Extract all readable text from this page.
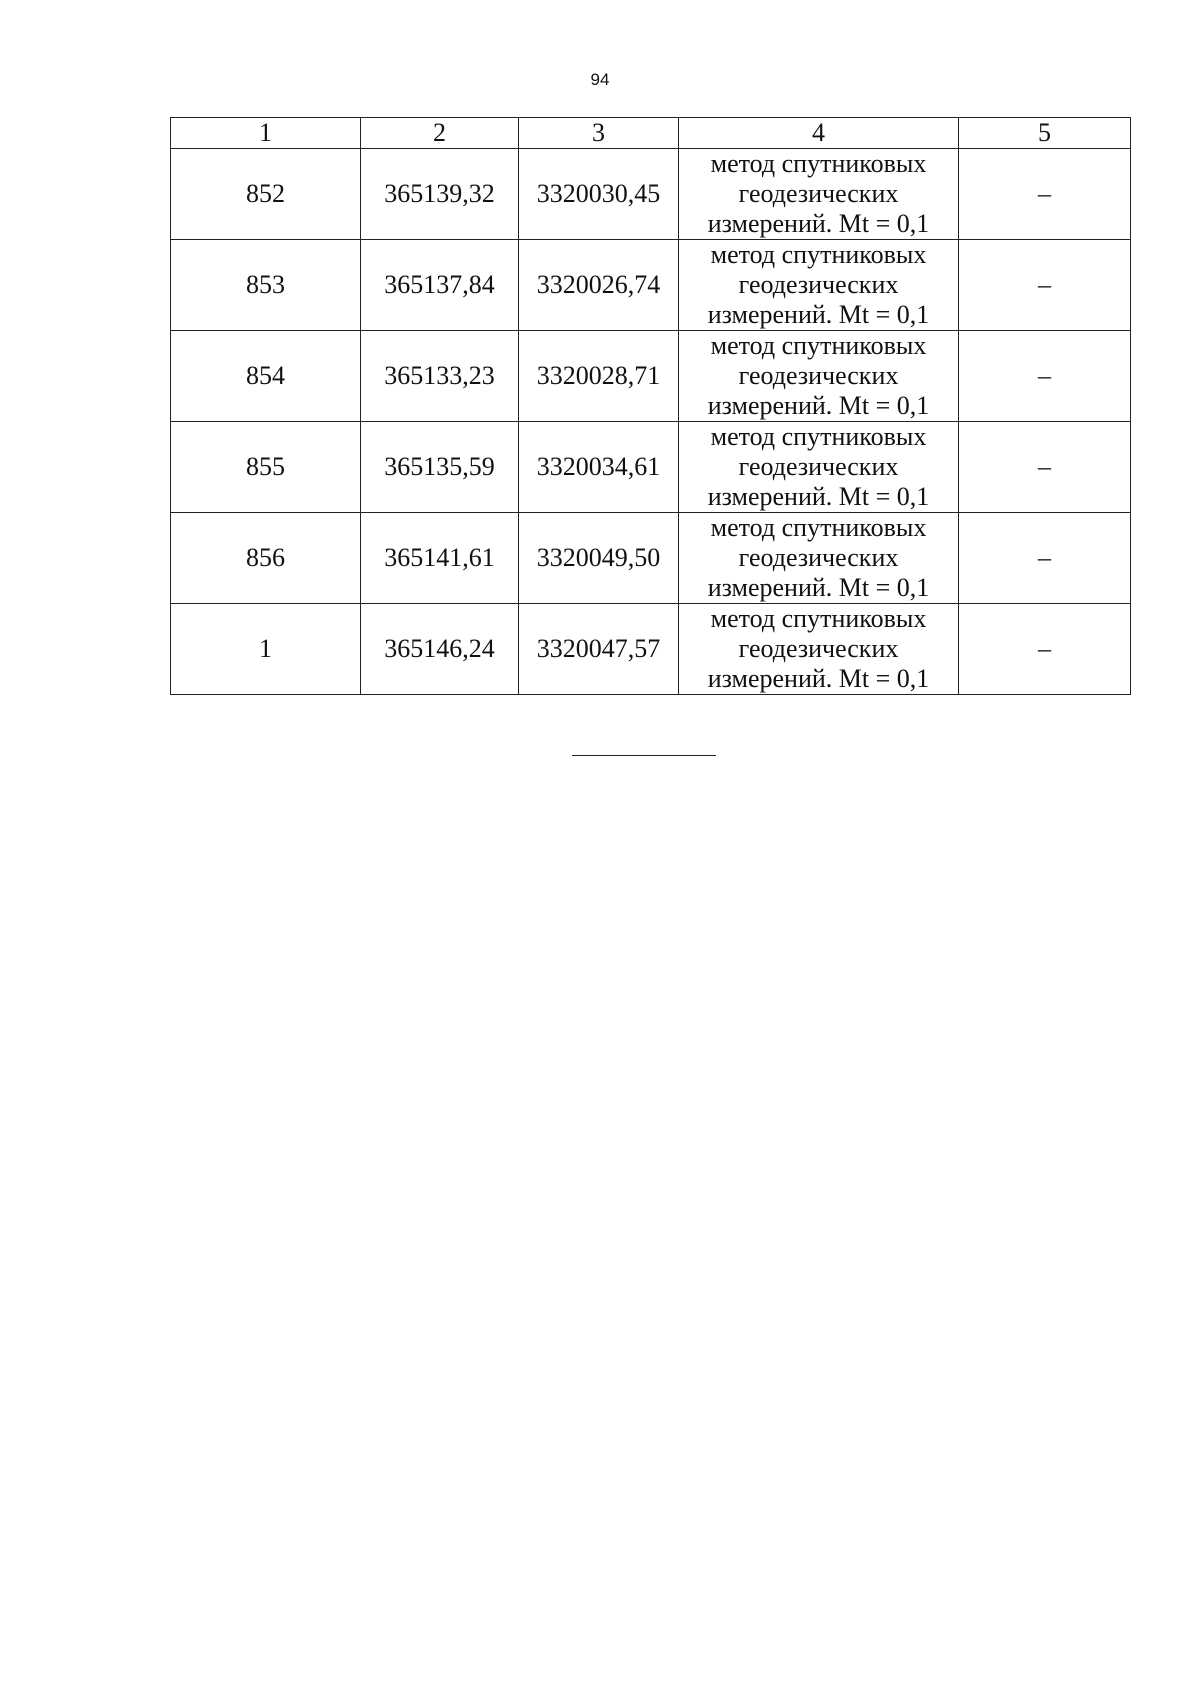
94
1	2	3	4	5
852	365139,32	3320030,45	метод спутниковых
геодезических
измерений. Mt = 0,1	–
853	365137,84	3320026,74	метод спутниковых
геодезических
измерений. Mt = 0,1	–
854	365133,23	3320028,71	метод спутниковых
геодезических
измерений. Mt = 0,1	–
855	365135,59	3320034,61	метод спутниковых
геодезических
измерений. Mt = 0,1	–
856	365141,61	3320049,50	метод спутниковых
геодезических
измерений. Mt = 0,1	–
1	365146,24	3320047,57	метод спутниковых
геодезических
измерений. Mt = 0,1	–
